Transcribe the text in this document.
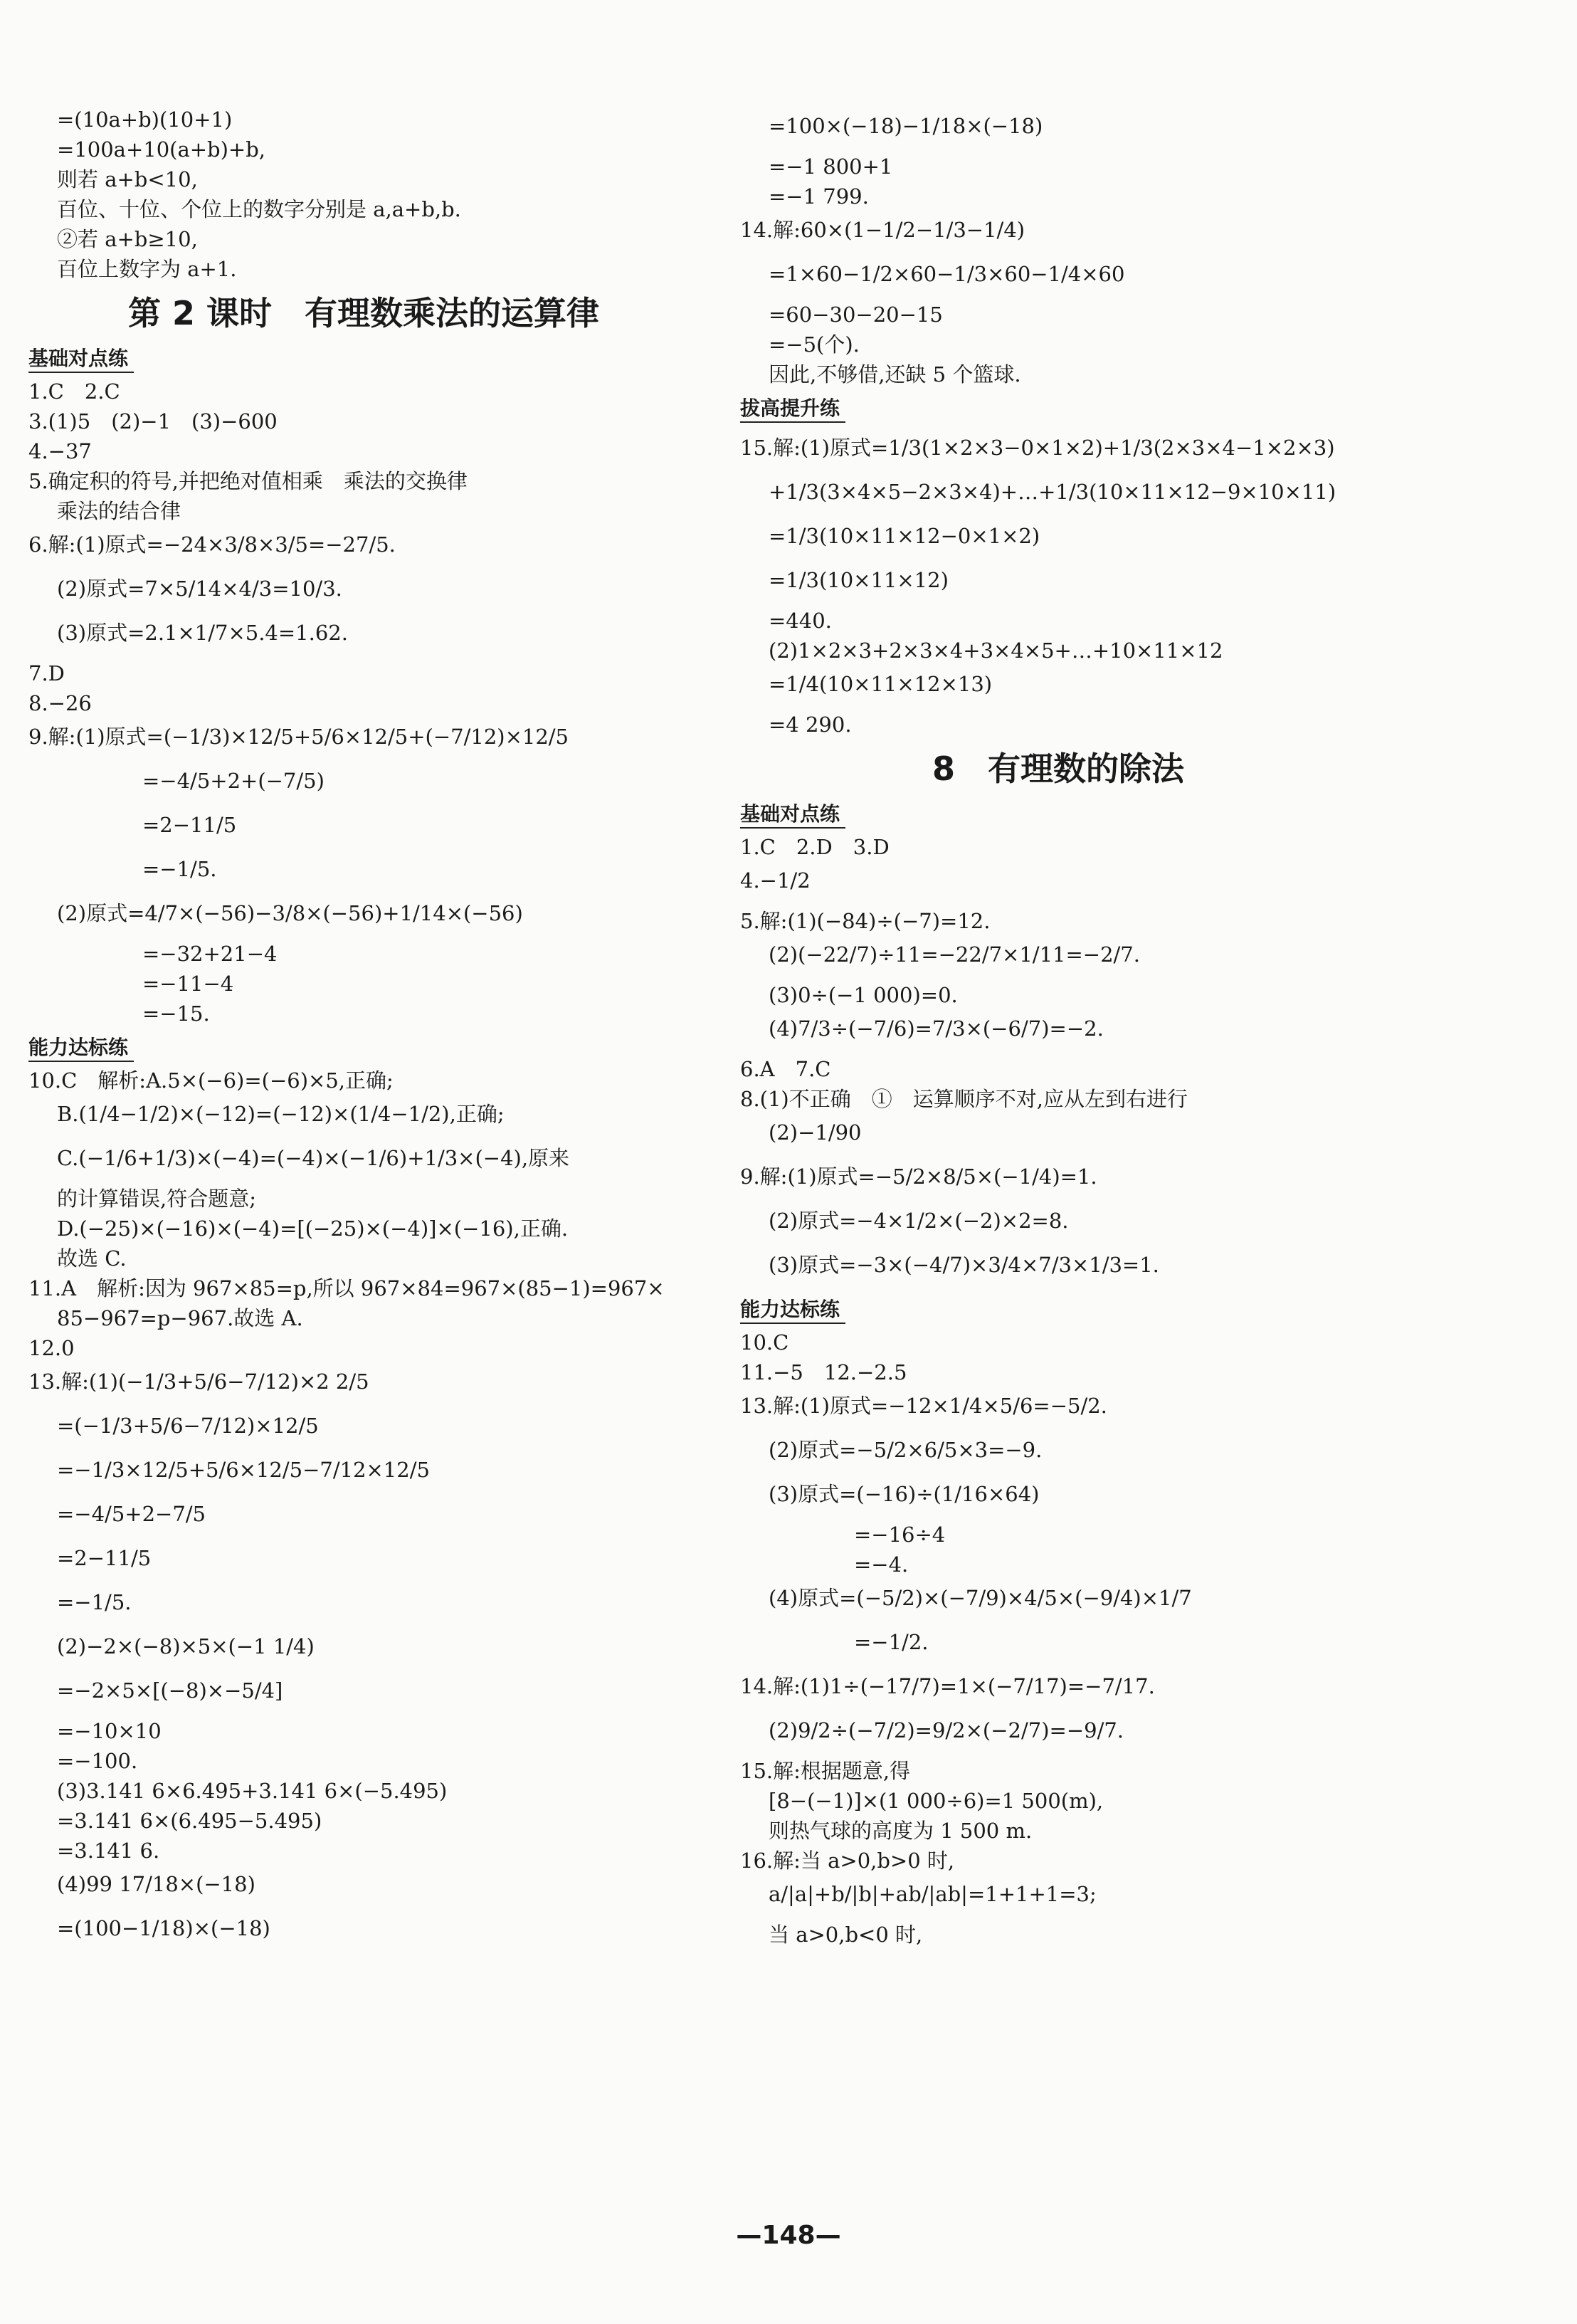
=(10a+b)(10+1)
=100a+10(a+b)+b,
则若 a+b<10,
百位、十位、个位上的数字分别是 a,a+b,b.
②若 a+b≥10,
百位上数字为 a+1.
第 2 课时　有理数乘法的运算律
基础对点练
1.C　2.C
3.(1)5　(2)−1　(3)−600
4.−37
5.确定积的符号,并把绝对值相乘　乘法的交换律
乘法的结合律
6.解:(1)原式=−24×3/8×3/5=−27/5.
(2)原式=7×5/14×4/3=10/3.
(3)原式=2.1×1/7×5.4=1.62.
7.D
8.−26
9.解:(1)原式=(−1/3)×12/5+5/6×12/5+(−7/12)×12/5
=−4/5+2+(−7/5)
=2−11/5
=−1/5.
(2)原式=4/7×(−56)−3/8×(−56)+1/14×(−56)
=−32+21−4
=−11−4
=−15.
能力达标练
10.C　解析:A.5×(−6)=(−6)×5,正确;
B.(1/4−1/2)×(−12)=(−12)×(1/4−1/2),正确;
C.(−1/6+1/3)×(−4)=(−4)×(−1/6)+1/3×(−4),原来
的计算错误,符合题意;
D.(−25)×(−16)×(−4)=[(−25)×(−4)]×(−16),正确.
故选 C.
11.A　解析:因为 967×85=p,所以 967×84=967×(85−1)=967×
85−967=p−967.故选 A.
12.0
13.解:(1)(−1/3+5/6−7/12)×2 2/5
=(−1/3+5/6−7/12)×12/5
=−1/3×12/5+5/6×12/5−7/12×12/5
=−4/5+2−7/5
=2−11/5
=−1/5.
(2)−2×(−8)×5×(−1 1/4)
=−2×5×[(−8)×−5/4]
=−10×10
=−100.
(3)3.141 6×6.495+3.141 6×(−5.495)
=3.141 6×(6.495−5.495)
=3.141 6.
(4)99 17/18×(−18)
=(100−1/18)×(−18)
=100×(−18)−1/18×(−18)
=−1 800+1
=−1 799.
14.解:60×(1−1/2−1/3−1/4)
=1×60−1/2×60−1/3×60−1/4×60
=60−30−20−15
=−5(个).
因此,不够借,还缺 5 个篮球.
拔高提升练
15.解:(1)原式=1/3(1×2×3−0×1×2)+1/3(2×3×4−1×2×3)
+1/3(3×4×5−2×3×4)+…+1/3(10×11×12−9×10×11)
=1/3(10×11×12−0×1×2)
=1/3(10×11×12)
=440.
(2)1×2×3+2×3×4+3×4×5+…+10×11×12
=1/4(10×11×12×13)
=4 290.
8　有理数的除法
基础对点练
1.C　2.D　3.D
4.−1/2
5.解:(1)(−84)÷(−7)=12.
(2)(−22/7)÷11=−22/7×1/11=−2/7.
(3)0÷(−1 000)=0.
(4)7/3÷(−7/6)=7/3×(−6/7)=−2.
6.A　7.C
8.(1)不正确　①　运算顺序不对,应从左到右进行
(2)−1/90
9.解:(1)原式=−5/2×8/5×(−1/4)=1.
(2)原式=−4×1/2×(−2)×2=8.
(3)原式=−3×(−4/7)×3/4×7/3×1/3=1.
能力达标练
10.C
11.−5　12.−2.5
13.解:(1)原式=−12×1/4×5/6=−5/2.
(2)原式=−5/2×6/5×3=−9.
(3)原式=(−16)÷(1/16×64)
=−16÷4
=−4.
(4)原式=(−5/2)×(−7/9)×4/5×(−9/4)×1/7
=−1/2.
14.解:(1)1÷(−17/7)=1×(−7/17)=−7/17.
(2)9/2÷(−7/2)=9/2×(−2/7)=−9/7.
15.解:根据题意,得
[8−(−1)]×(1 000÷6)=1 500(m),
则热气球的高度为 1 500 m.
16.解:当 a>0,b>0 时,
a/|a|+b/|b|+ab/|ab|=1+1+1=3;
当 a>0,b<0 时,
—148—
